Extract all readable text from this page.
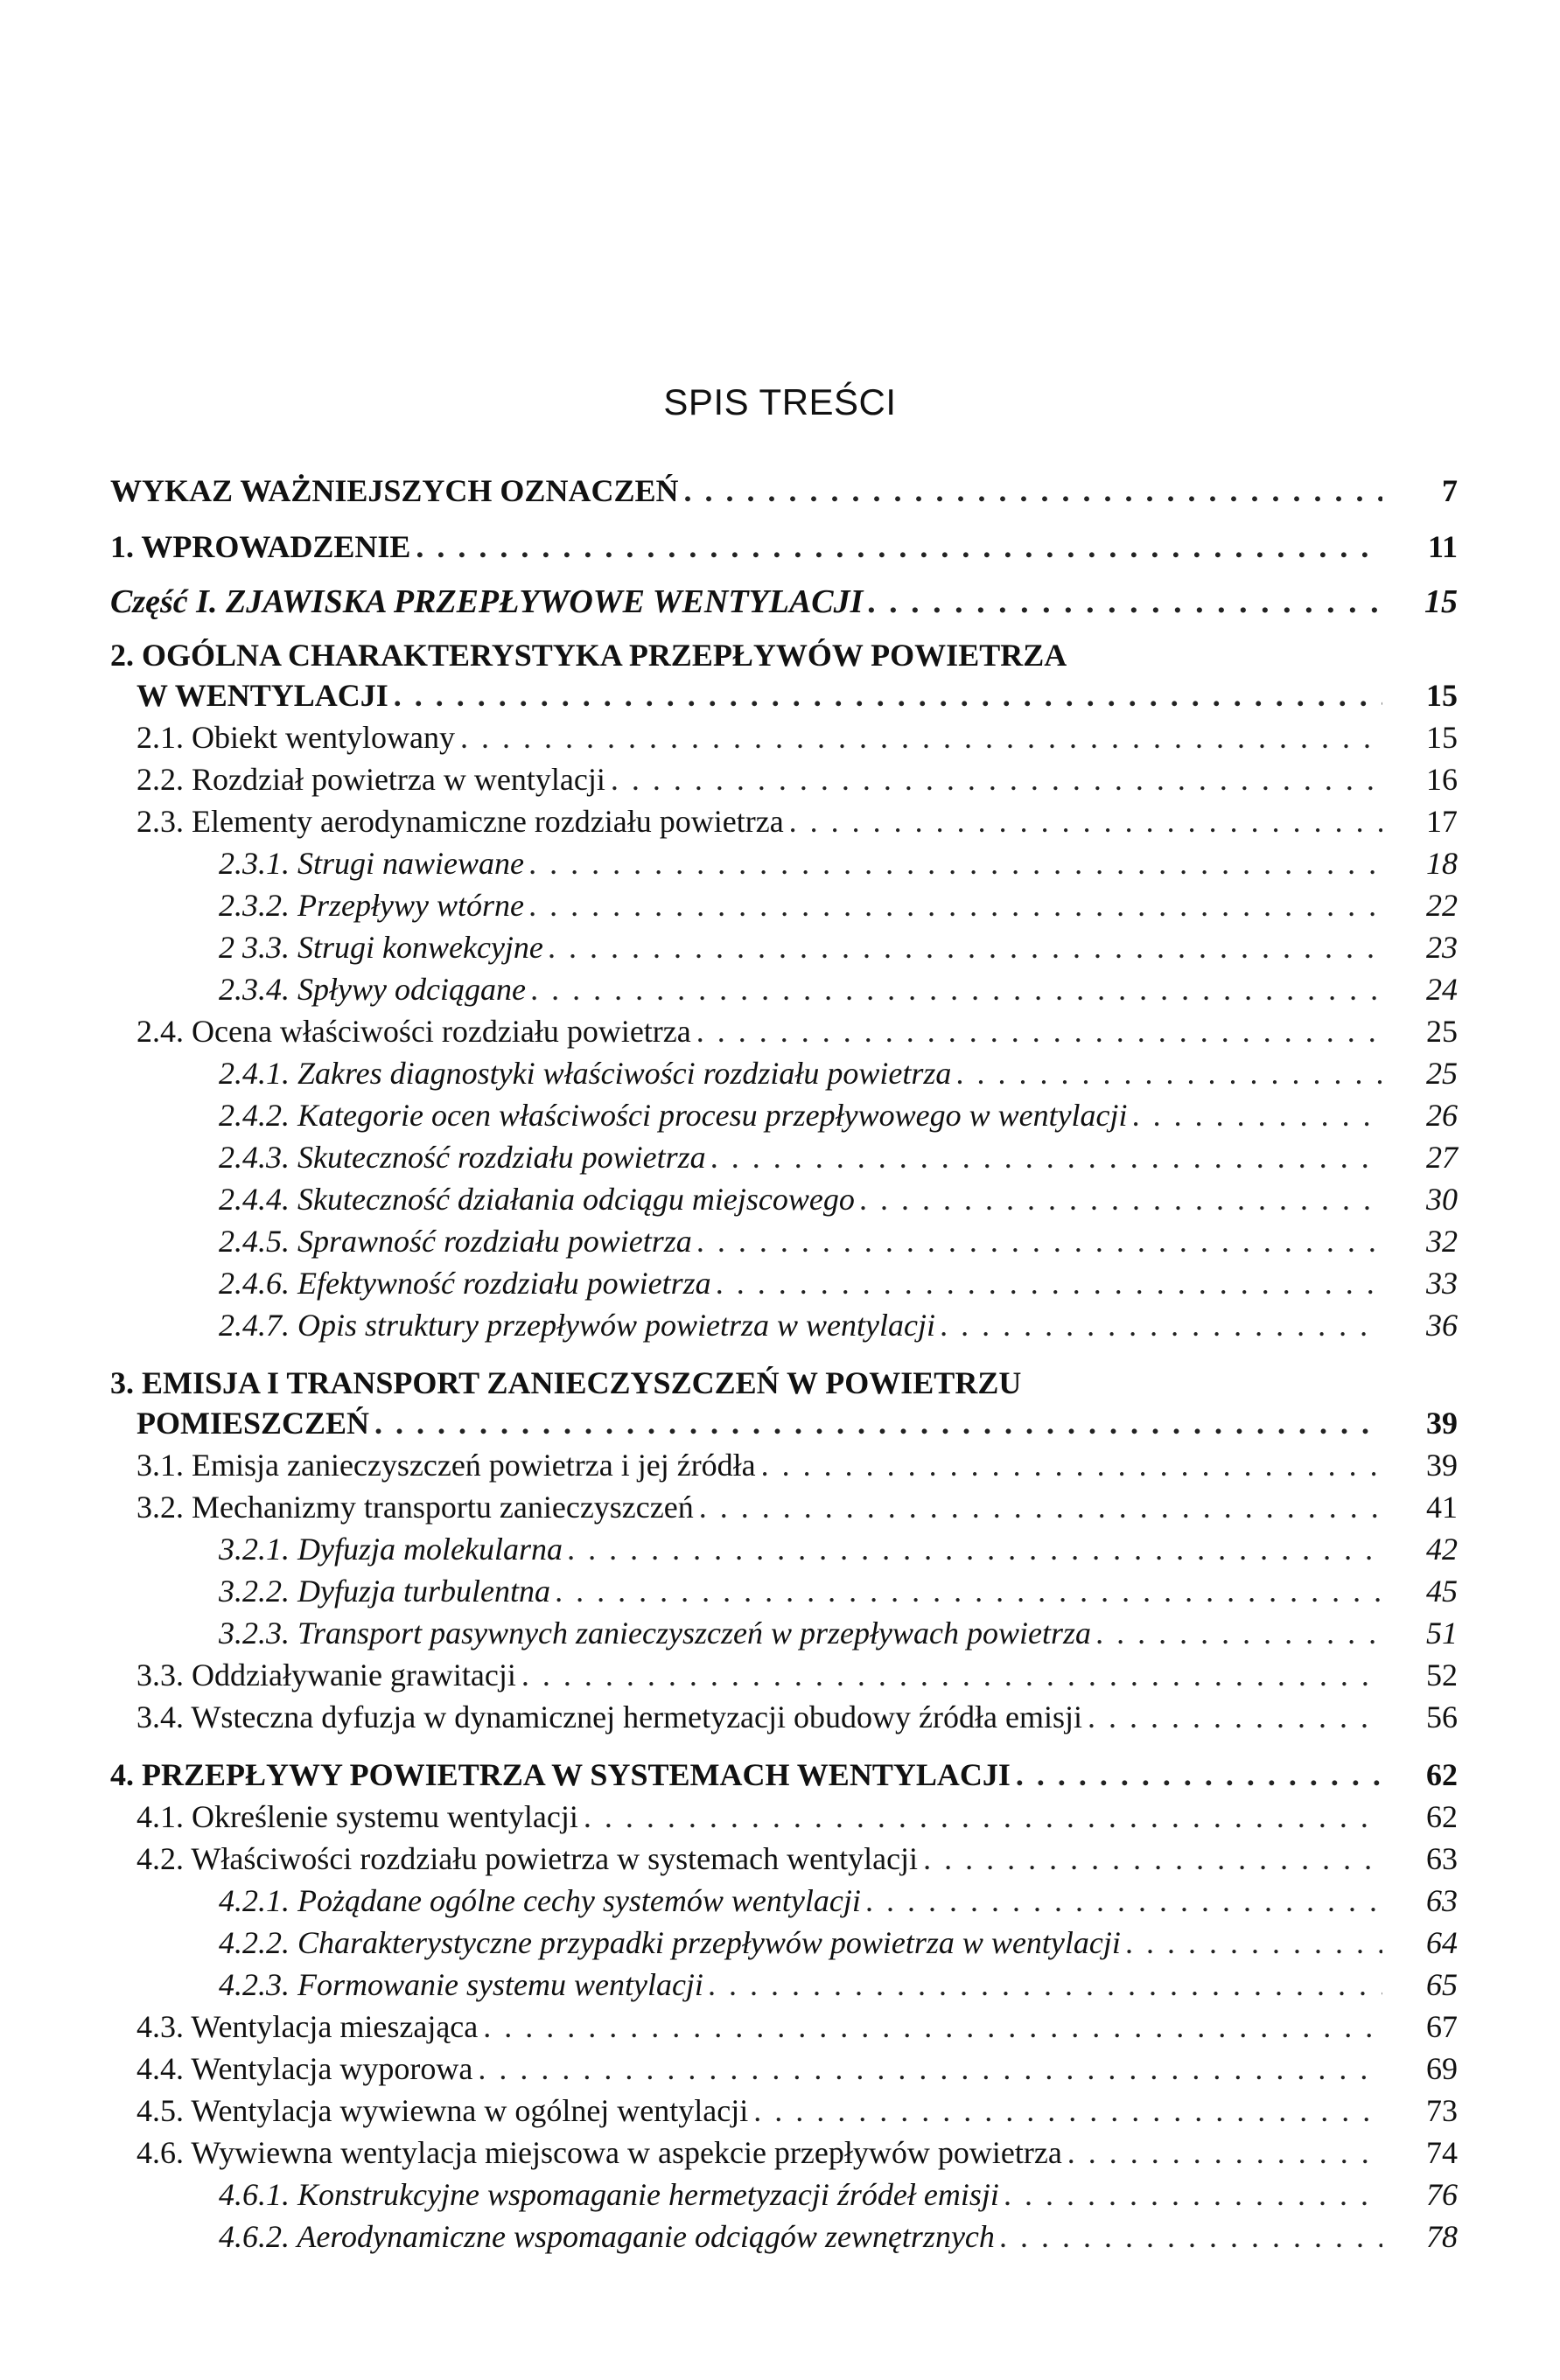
SPIS TREŚCI
WYKAZ WAŻNIEJSZYCH OZNACZEŃ . . .	7
1. WPROWADZENIE . . .	11
Część I. ZJAWISKA PRZEPŁYWOWE WENTYLACJI . . .	15
2. OGÓLNA CHARAKTERYSTYKA PRZEPŁYWÓW POWIETRZA
W WENTYLACJI . . .	15
2.1. Obiekt wentylowany . . .	15
2.2. Rozdział powietrza w wentylacji . . .	16
2.3. Elementy aerodynamiczne rozdziału powietrza . . .	17
2.3.1. Strugi nawiewane . . .	18
2.3.2. Przepływy wtórne . . .	22
2 3.3. Strugi konwekcyjne . . .	23
2.3.4. Spływy odciągane . . .	24
2.4. Ocena właściwości rozdziału powietrza . . .	25
2.4.1. Zakres diagnostyki właściwości rozdziału powietrza . . .	25
2.4.2. Kategorie ocen właściwości procesu przepływowego w wentylacji . . .	26
2.4.3. Skuteczność rozdziału powietrza . . .	27
2.4.4. Skuteczność działania odciągu miejscowego . . .	30
2.4.5. Sprawność rozdziału powietrza . . .	32
2.4.6. Efektywność rozdziału powietrza . . .	33
2.4.7. Opis struktury przepływów powietrza w wentylacji . . .	36
3. EMISJA I TRANSPORT ZANIECZYSZCZEŃ W POWIETRZU
POMIESZCZEŃ . . .	39
3.1. Emisja zanieczyszczeń powietrza i jej źródła . . .	39
3.2. Mechanizmy transportu zanieczyszczeń . . .	41
3.2.1. Dyfuzja molekularna . . .	42
3.2.2. Dyfuzja turbulentna . . .	45
3.2.3. Transport pasywnych zanieczyszczeń w przepływach powietrza . . .	51
3.3. Oddziaływanie grawitacji . . .	52
3.4. Wsteczna dyfuzja w dynamicznej hermetyzacji obudowy źródła emisji . . .	56
4. PRZEPŁYWY POWIETRZA W SYSTEMACH WENTYLACJI . . .	62
4.1. Określenie systemu wentylacji . . .	62
4.2. Właściwości rozdziału powietrza w systemach wentylacji . . .	63
4.2.1. Pożądane ogólne cechy systemów wentylacji . . .	63
4.2.2. Charakterystyczne przypadki przepływów powietrza w wentylacji . . .	64
4.2.3. Formowanie systemu wentylacji . . .	65
4.3. Wentylacja mieszająca . . .	67
4.4. Wentylacja wyporowa . . .	69
4.5. Wentylacja wywiewna w ogólnej wentylacji . . .	73
4.6. Wywiewna wentylacja miejscowa w aspekcie przepływów powietrza . . .	74
4.6.1. Konstrukcyjne wspomaganie hermetyzacji źródeł emisji . . .	76
4.6.2. Aerodynamiczne wspomaganie odciągów zewnętrznych . . .	78
